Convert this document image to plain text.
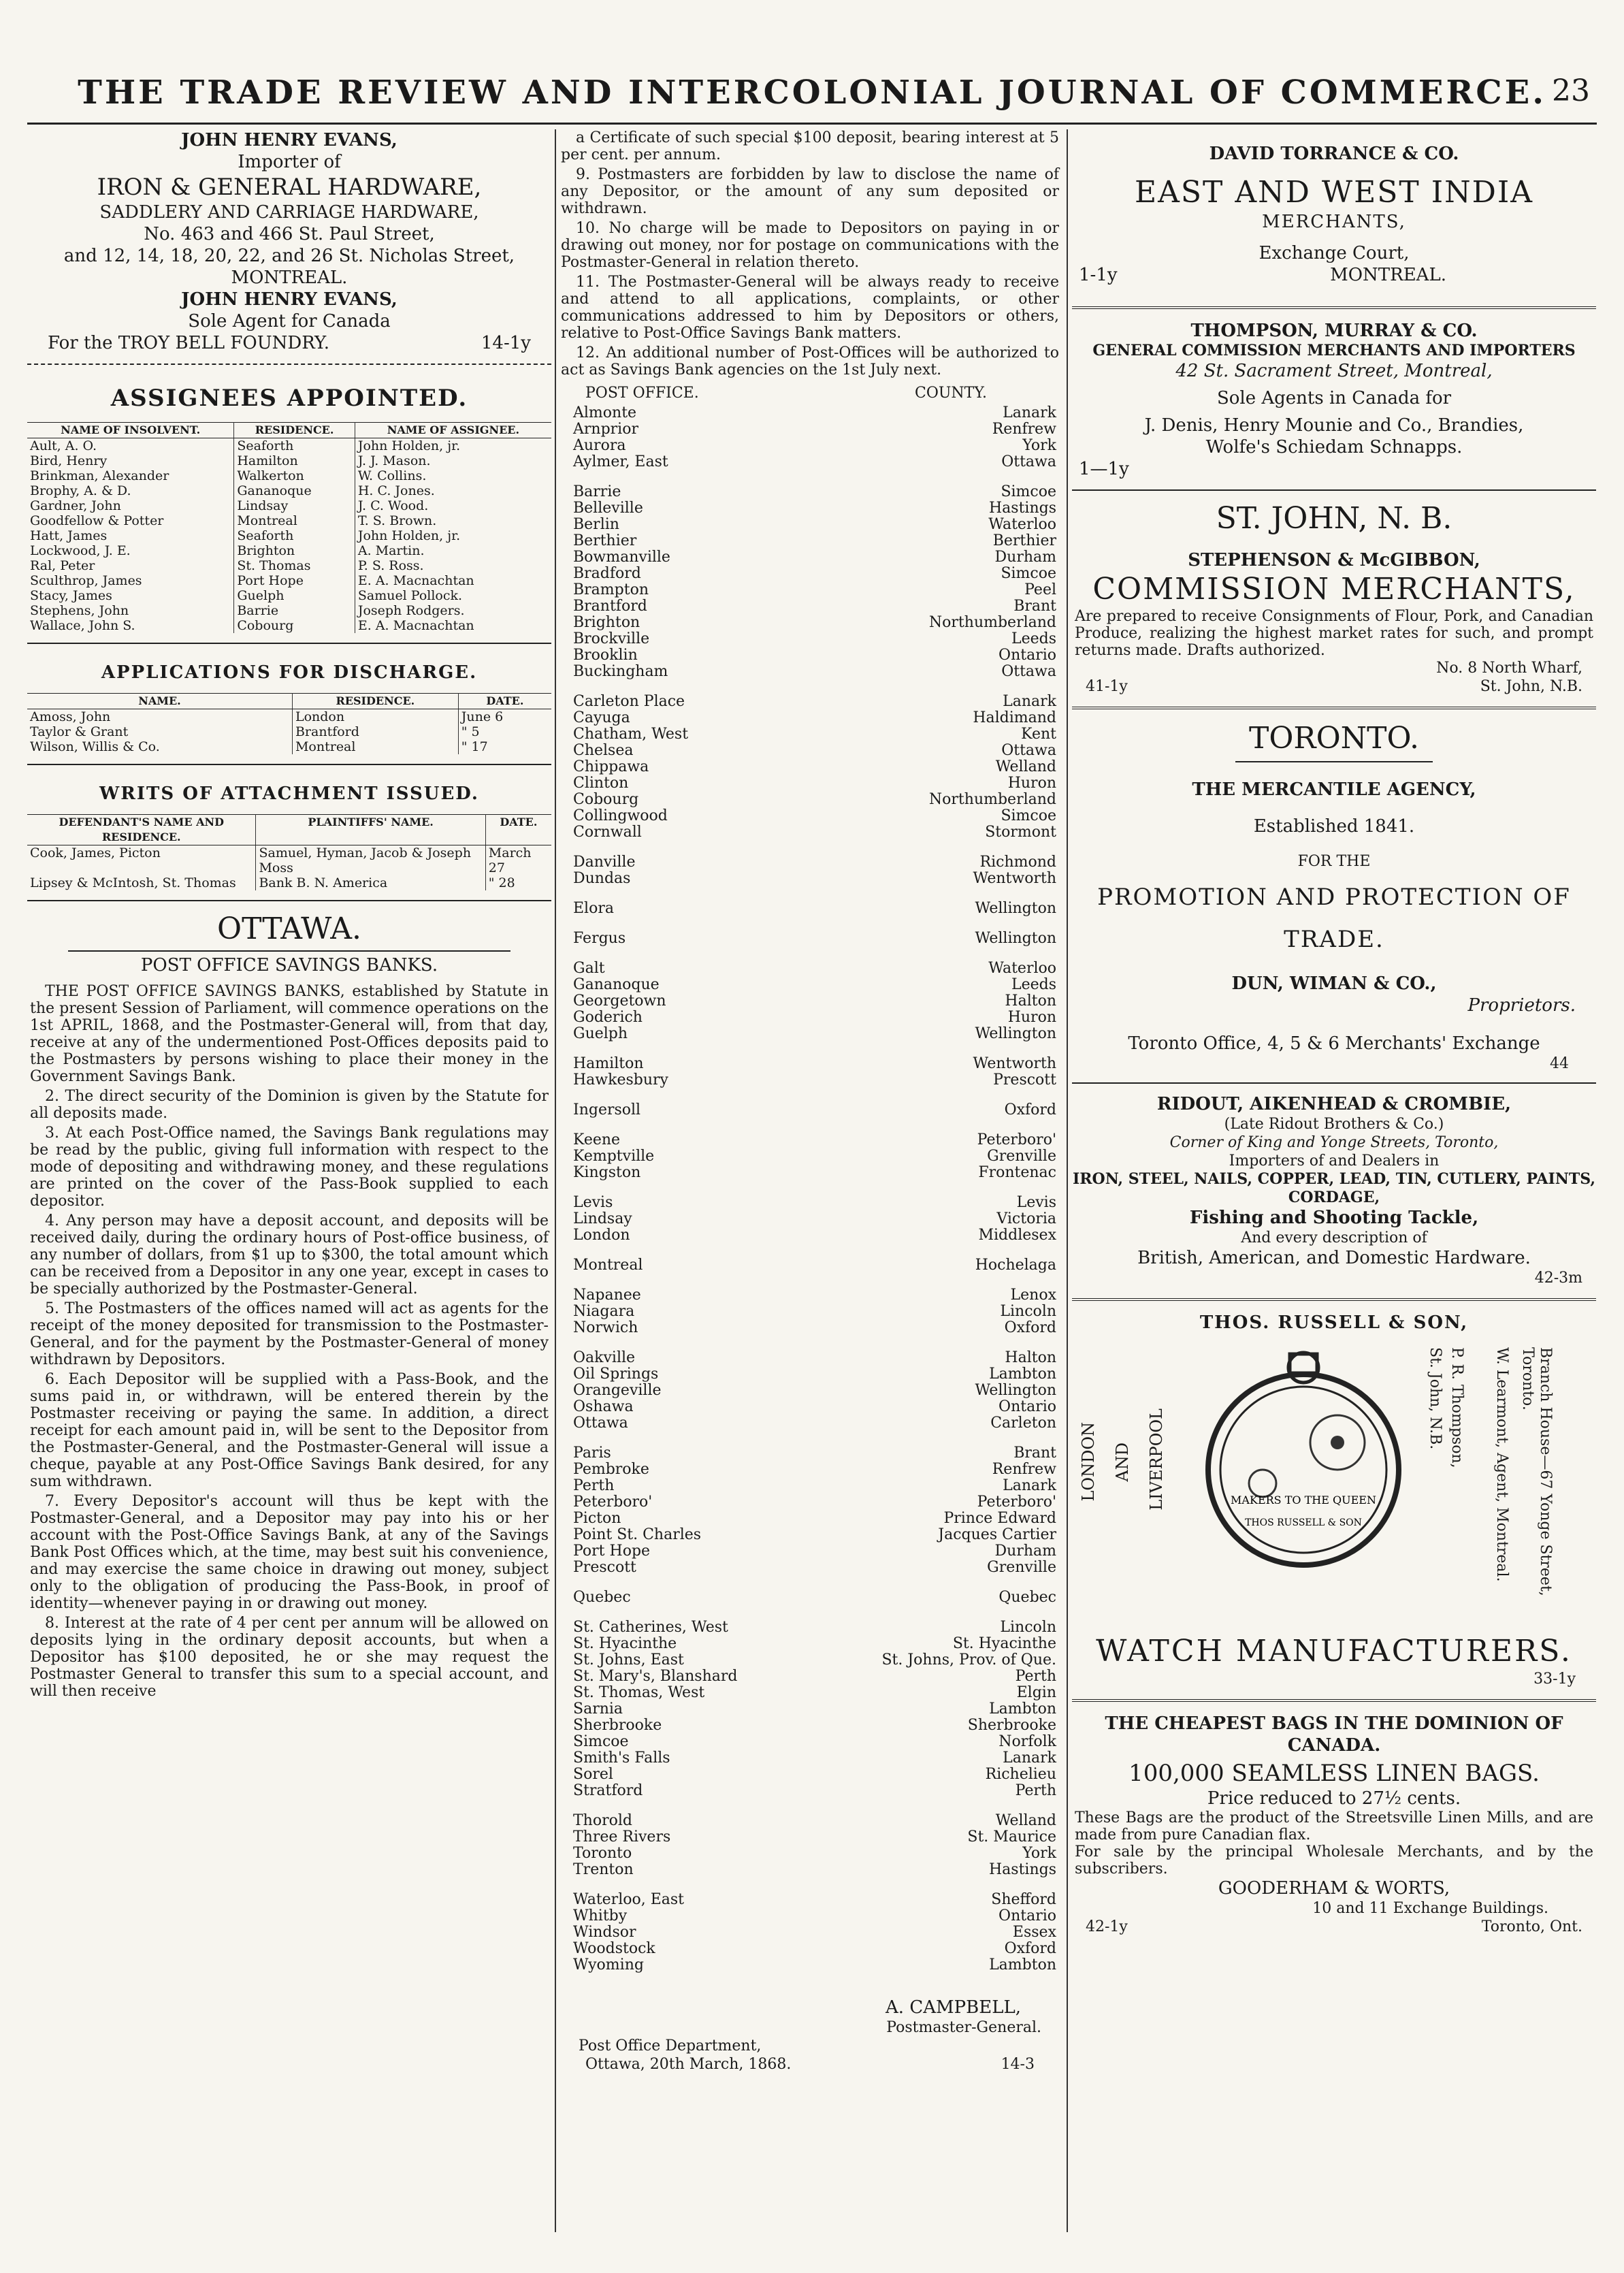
THE TRADE REVIEW AND INTERCOLONIAL JOURNAL OF COMMERCE. 23
JOHN HENRY EVANS,
Importer of
IRON & GENERAL HARDWARE,
SADDLERY AND CARRIAGE HARDWARE,
No. 463 and 466 St. Paul Street,
and 12, 14, 18, 20, 22, and 26 St. Nicholas Street,
MONTREAL.
JOHN HENRY EVANS,
Sole Agent for Canada
For the TROY BELL FOUNDRY.	14-1y
ASSIGNEES APPOINTED.
NAME OF INSOLVENT.	RESIDENCE.	NAME OF ASSIGNEE.
Ault, A. O.	Seaforth	John Holden, jr.
Bird, Henry	Hamilton	J. J. Mason.
Brinkman, Alexander	Walkerton	W. Collins.
Brophy, A. & D.	Gananoque	H. C. Jones.
Gardner, John	Lindsay	J. C. Wood.
Goodfellow & Potter	Montreal	T. S. Brown.
Hatt, James	Seaforth	John Holden, jr.
Lockwood, J. E.	Brighton	A. Martin.
Ral, Peter	St. Thomas	P. S. Ross.
Sculthrop, James	Port Hope	E. A. Macnachtan
Stacy, James	Guelph	Samuel Pollock.
Stephens, John	Barrie	Joseph Rodgers.
Wallace, John S.	Cobourg	E. A. Macnachtan
APPLICATIONS FOR DISCHARGE.
NAME.	RESIDENCE.	DATE.
Amoss, John	London	June 6
Taylor & Grant	Brantford	" 5
Wilson, Willis & Co.	Montreal	" 17
WRITS OF ATTACHMENT ISSUED.
DEFENDANT'S NAME AND RESIDENCE.	PLAINTIFFS' NAME.	DATE.
Cook, James, Picton	Samuel, Hyman, Jacob & Joseph Moss	March 27
Lipsey & McIntosh, St. Thomas	Bank B. N. America	" 28
OTTAWA.
POST OFFICE SAVINGS BANKS.

THE POST OFFICE SAVINGS BANKS, established by Statute in the present Session of Parliament, will commence operations on the 1st APRIL, 1868, and the Postmaster-General will, from that day, receive at any of the undermentioned Post-Offices deposits paid to the Postmasters by persons wishing to place their money in the Government Savings Bank.

2. The direct security of the Dominion is given by the Statute for all deposits made.

3. At each Post-Office named, the Savings Bank regulations may be read by the public, giving full information with respect to the mode of depositing and withdrawing money, and these regulations are printed on the cover of the Pass-Book supplied to each depositor.

4. Any person may have a deposit account, and deposits will be received daily, during the ordinary hours of Post-office business, of any number of dollars, from $1 up to $300, the total amount which can be received from a Depositor in any one year, except in cases to be specially authorized by the Postmaster-General.

5. The Postmasters of the offices named will act as agents for the receipt of the money deposited for transmission to the Postmaster-General, and for the payment by the Postmaster-General of money withdrawn by Depositors.

6. Each Depositor will be supplied with a Pass-Book, and the sums paid in, or withdrawn, will be entered therein by the Postmaster receiving or paying the same. In addition, a direct receipt for each amount paid in, will be sent to the Depositor from the Postmaster-General, and the Postmaster-General will issue a cheque, payable at any Post-Office Savings Bank desired, for any sum withdrawn.

7. Every Depositor's account will thus be kept with the Postmaster-General, and a Depositor may pay into his or her account with the Post-Office Savings Bank, at any of the Savings Bank Post Offices which, at the time, may best suit his convenience, and may exercise the same choice in drawing out money, subject only to the obligation of producing the Pass-Book, in proof of identity—whenever paying in or drawing out money.

8. Interest at the rate of 4 per cent per annum will be allowed on deposits lying in the ordinary deposit accounts, but when a Depositor has $100 deposited, he or she may request the Postmaster General to transfer this sum to a special account, and will then receive

a Certificate of such special $100 deposit, bearing interest at 5 per cent. per annum.

9. Postmasters are forbidden by law to disclose the name of any Depositor, or the amount of any sum deposited or withdrawn.

10. No charge will be made to Depositors on paying in or drawing out money, nor for postage on communications with the Postmaster-General in relation thereto.

11. The Postmaster-General will be always ready to receive and attend to all applications, complaints, or other communications addressed to him by Depositors or others, relative to Post-Office Savings Bank matters.

12. An additional number of Post-Offices will be authorized to act as Savings Bank agencies on the 1st July next.

POST OFFICE.	COUNTY.
Almonte	Lanark
Arnprior	Renfrew
Aurora	York
Aylmer, East	Ottawa
Barrie	Simcoe
Belleville	Hastings
Berlin	Waterloo
Berthier	Berthier
Bowmanville	Durham
Bradford	Simcoe
Brampton	Peel
Brantford	Brant
Brighton	Northumberland
Brockville	Leeds
Brooklin	Ontario
Buckingham	Ottawa
Carleton Place	Lanark
Cayuga	Haldimand
Chatham, West	Kent
Chelsea	Ottawa
Chippawa	Welland
Clinton	Huron
Cobourg	Northumberland
Collingwood	Simcoe
Cornwall	Stormont
Danville	Richmond
Dundas	Wentworth
Elora	Wellington
Fergus	Wellington
Galt	Waterloo
Gananoque	Leeds
Georgetown	Halton
Goderich	Huron
Guelph	Wellington
Hamilton	Wentworth
Hawkesbury	Prescott
Ingersoll	Oxford
Keene	Peterboro'
Kemptville	Grenville
Kingston	Frontenac
Levis	Levis
Lindsay	Victoria
London	Middlesex
Montreal	Hochelaga
Napanee	Lenox
Niagara	Lincoln
Norwich	Oxford
Oakville	Halton
Oil Springs	Lambton
Orangeville	Wellington
Oshawa	Ontario
Ottawa	Carleton
Paris	Brant
Pembroke	Renfrew
Perth	Lanark
Peterboro'	Peterboro'
Picton	Prince Edward
Point St. Charles	Jacques Cartier
Port Hope	Durham
Prescott	Grenville
Quebec	Quebec
St. Catherines, West	Lincoln
St. Hyacinthe	St. Hyacinthe
St. Johns, East	St. Johns, Prov. of Que.
St. Mary's, Blanshard	Perth
St. Thomas, West	Elgin
Sarnia	Lambton
Sherbrooke	Sherbrooke
Simcoe	Norfolk
Smith's Falls	Lanark
Sorel	Richelieu
Stratford	Perth
Thorold	Welland
Three Rivers	St. Maurice
Toronto	York
Trenton	Hastings
Waterloo, East	Shefford
Whitby	Ontario
Windsor	Essex
Woodstock	Oxford
Wyoming	Lambton
A. CAMPBELL,
Postmaster-General.
Post Office Department,
Ottawa, 20th March, 1868.	14-3
DAVID TORRANCE & CO.
EAST AND WEST INDIA
MERCHANTS,
Exchange Court,
1-1y	MONTREAL.
THOMPSON, MURRAY & CO.
GENERAL COMMISSION MERCHANTS AND IMPORTERS
42 St. Sacrament Street, Montreal,
Sole Agents in Canada for
J. Denis, Henry Mounie and Co., Brandies,
Wolfe's Schiedam Schnapps.
1—1y
ST. JOHN, N. B.
STEPHENSON & McGIBBON,
COMMISSION MERCHANTS,
Are prepared to receive Consignments of Flour, Pork, and Canadian Produce, realizing the highest market rates for such, and prompt returns made. Drafts authorized.
No. 8 North Wharf,
41-1y	St. John, N.B.
TORONTO.
THE MERCANTILE AGENCY,
Established 1841.
FOR THE
PROMOTION AND PROTECTION OF
TRADE.
DUN, WIMAN & CO.,
Proprietors.
Toronto Office, 4, 5 & 6 Merchants' Exchange
44
RIDOUT, AIKENHEAD & CROMBIE,
(Late Ridout Brothers & Co.)
Corner of King and Yonge Streets, Toronto,
Importers of and Dealers in
IRON, STEEL, NAILS, COPPER, LEAD, TIN, CUTLERY, PAINTS, CORDAGE,
Fishing and Shooting Tackle,
And every description of
British, American, and Domestic Hardware.
42-3m
THOS. RUSSELL & SON,
LONDON AND LIVERPOOL	MAKERS TO THE QUEEN
THOS RUSSELL & SON
St. John, N.B. P. R. Thompson,	W. Learmont, Agent, Montreal.	Branch House—67 Yonge Street, Toronto.
WATCH MANUFACTURERS.
33-1y
THE CHEAPEST BAGS IN THE DOMINION OF CANADA.
100,000 SEAMLESS LINEN BAGS.
Price reduced to 27½ cents.
These Bags are the product of the Streetsville Linen Mills, and are made from pure Canadian flax.
For sale by the principal Wholesale Merchants, and by the subscribers.
GOODERHAM & WORTS,
10 and 11 Exchange Buildings.
42-1y	Toronto, Ont.
